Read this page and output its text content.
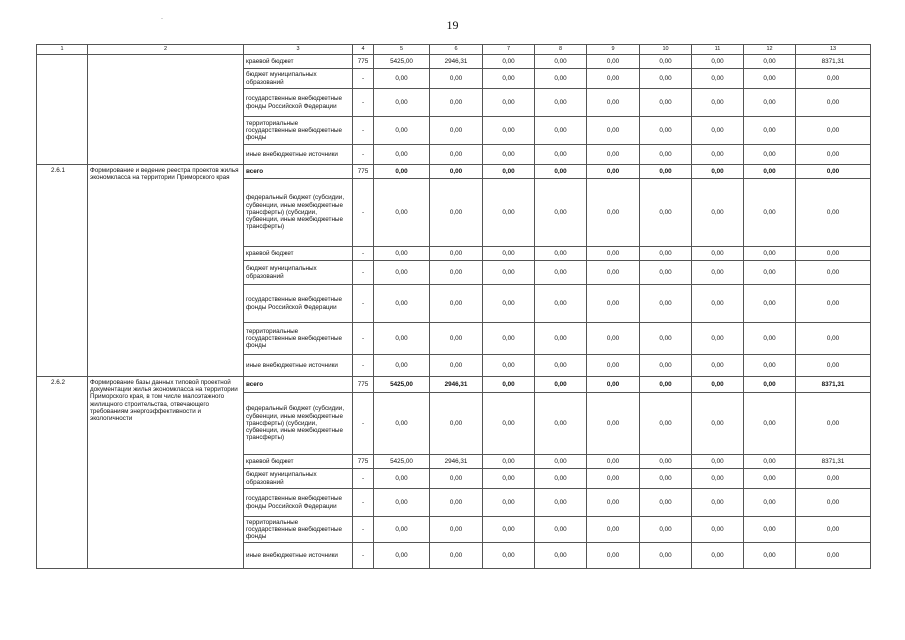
·	19
1	2	3	4	5	6	7	8	9	10	11	12	13
		краевой бюджет	775	5425,00	2946,31	0,00	0,00	0,00	0,00	0,00	0,00	8371,31
		бюджет муниципальных образований	-	0,00	0,00	0,00	0,00	0,00	0,00	0,00	0,00	0,00
		государственные внебюджетные фонды Российской Федерации	-	0,00	0,00	0,00	0,00	0,00	0,00	0,00	0,00	0,00
		территориальные государственные внебюджетные фонды	-	0,00	0,00	0,00	0,00	0,00	0,00	0,00	0,00	0,00
		иные внебюджетные источники	-	0,00	0,00	0,00	0,00	0,00	0,00	0,00	0,00	0,00
2.6.1	Формирование и ведение реестра проектов жилья экономкласса на территории Приморского края	всего	775	0,00	0,00	0,00	0,00	0,00	0,00	0,00	0,00	0,00
		федеральный бюджет (субсидии, субвенции, иные межбюджетные трансферты) (субсидии, субвенции, иные межбюджетные трансферты)	-	0,00	0,00	0,00	0,00	0,00	0,00	0,00	0,00	0,00
		краевой бюджет	-	0,00	0,00	0,00	0,00	0,00	0,00	0,00	0,00	0,00
		бюджет муниципальных образований	-	0,00	0,00	0,00	0,00	0,00	0,00	0,00	0,00	0,00
		государственные внебюджетные фонды Российской Федерации	-	0,00	0,00	0,00	0,00	0,00	0,00	0,00	0,00	0,00
		территориальные государственные внебюджетные фонды	-	0,00	0,00	0,00	0,00	0,00	0,00	0,00	0,00	0,00
		иные внебюджетные источники	-	0,00	0,00	0,00	0,00	0,00	0,00	0,00	0,00	0,00
2.6.2	Формирование базы данных типовой проектной документации жилья экономкласса на территории Приморского края, в том числе малоэтажного жилищного строительства, отвечающего требованиям энергоэффективности и экологичности	всего	775	5425,00	2946,31	0,00	0,00	0,00	0,00	0,00	0,00	8371,31
		федеральный бюджет (субсидии, субвенции, иные межбюджетные трансферты) (субсидии, субвенции, иные межбюджетные трансферты)	-	0,00	0,00	0,00	0,00	0,00	0,00	0,00	0,00	0,00
		краевой бюджет	775	5425,00	2946,31	0,00	0,00	0,00	0,00	0,00	0,00	8371,31
		бюджет муниципальных образований	-	0,00	0,00	0,00	0,00	0,00	0,00	0,00	0,00	0,00
		государственные внебюджетные фонды Российской Федерации	-	0,00	0,00	0,00	0,00	0,00	0,00	0,00	0,00	0,00
		территориальные государственные внебюджетные фонды	-	0,00	0,00	0,00	0,00	0,00	0,00	0,00	0,00	0,00
		иные внебюджетные источники	-	0,00	0,00	0,00	0,00	0,00	0,00	0,00	0,00	0,00
